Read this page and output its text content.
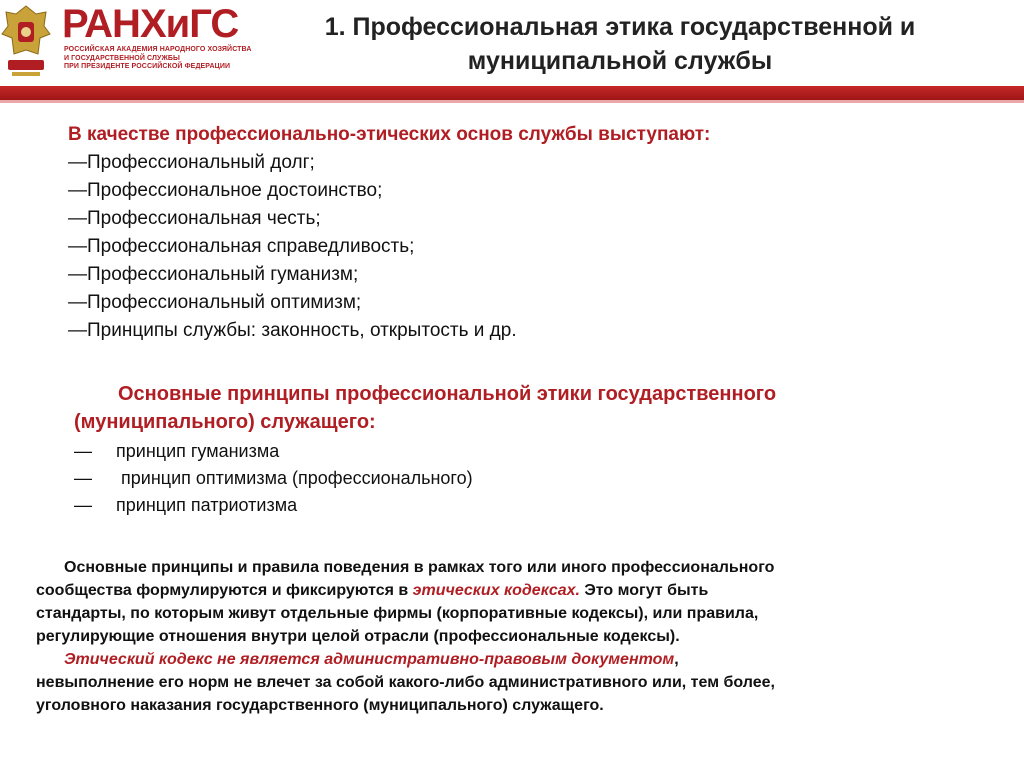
РАНХиГС
РОССИЙСКАЯ АКАДЕМИЯ НАРОДНОГО ХОЗЯЙСТВА
И ГОСУДАРСТВЕННОЙ СЛУЖБЫ
ПРИ ПРЕЗИДЕНТЕ РОССИЙСКОЙ ФЕДЕРАЦИИ
1. Профессиональная этика государственной и
муниципальной службы
В качестве профессионально-этических основ службы выступают:
—Профессиональный долг;
—Профессиональное достоинство;
—Профессиональная честь;
—Профессиональная справедливость;
—Профессиональный гуманизм;
—Профессиональный оптимизм;
—Принципы службы: законность, открытость и др.
Основные принципы профессиональной этики государственного
(муниципального) служащего:
— принцип гуманизма
— принцип оптимизма (профессионального)
— принцип патриотизма
Основные принципы и правила поведения в рамках того или иного профессионального
сообщества формулируются и фиксируются в этических кодексах. Это могут быть
стандарты, по которым живут отдельные фирмы (корпоративные кодексы), или правила,
регулирующие отношения внутри целой отрасли (профессиональные кодексы).
Этический кодекс не является административно-правовым документом,
невыполнение его норм не влечет за собой какого-либо административного или, тем более,
уголовного наказания государственного (муниципального) служащего.
